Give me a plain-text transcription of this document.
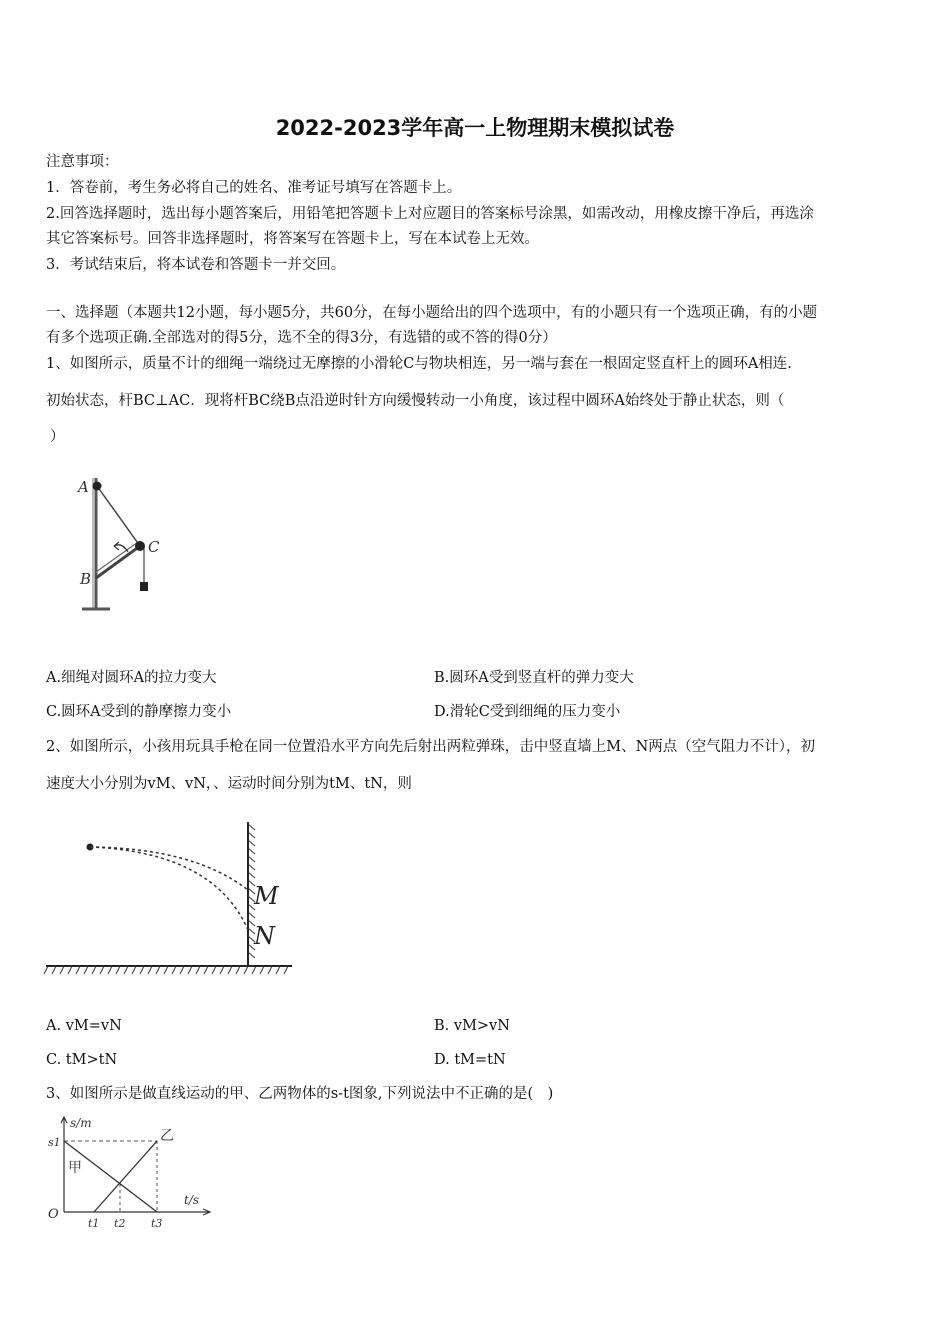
2022-2023学年高一上物理期末模拟试卷
注意事项：
1．答卷前，考生务必将自己的姓名、准考证号填写在答题卡上。
2.回答选择题时，选出每小题答案后，用铅笔把答题卡上对应题目的答案标号涂黑，如需改动，用橡皮擦干净后，再选涂
其它答案标号。回答非选择题时，将答案写在答题卡上，写在本试卷上无效。
3．考试结束后，将本试卷和答题卡一并交回。
一、选择题（本题共12小题，每小题5分，共60分，在每小题给出的四个选项中，有的小题只有一个选项正确，有的小题
有多个选项正确.全部选对的得5分，选不全的得3分，有选错的或不答的得0分）
1、如图所示，质量不计的细绳一端绕过无摩擦的小滑轮C与物块相连，另一端与套在一根固定竖直杆上的圆环A相连.
初始状态，杆BC⊥AC．现将杆BC绕B点沿逆时针方向缓慢转动一小角度，该过程中圆环A始终处于静止状态，则（
）
A
B
C
A.细绳对圆环A的拉力变大	B.圆环A受到竖直杆的弹力变大
C.圆环A受到的静摩擦力变小	D.滑轮C受到细绳的压力变小
2、如图所示，小孩用玩具手枪在同一位置沿水平方向先后射出两粒弹珠，击中竖直墙上M、N两点（空气阻力不计），初
速度大小分别为vM、vN，、运动时间分别为tM、tN，则
M
N
A. vM=vN	B. vM>vN
C. tM>tN	D. tM=tN
3、如图所示是做直线运动的甲、乙两物体的s-t图象,下列说法中不正确的是(　)
s/m
t/s
O
s1
t1 t2 t3
甲
乙
